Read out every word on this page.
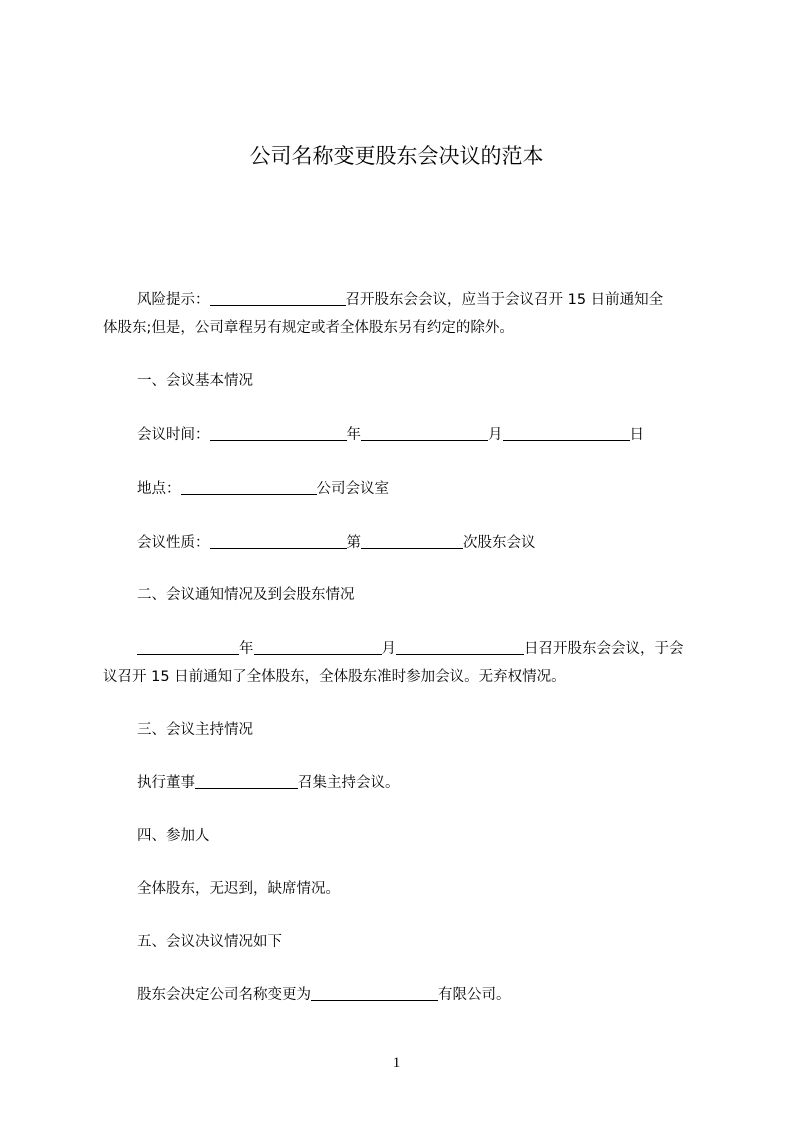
公司名称变更股东会决议的范本

风险提示：	召开股东会会议，应当于会议召开 15 日前通知全

体股东;但是，公司章程另有规定或者全体股东另有约定的除外。

一、会议基本情况

会议时间：	年	月	日

地点：	公司会议室

会议性质：	第	次股东会议

二、会议通知情况及到会股东情况

年	月	日召开股东会会议，于会

议召开 15 日前通知了全体股东，全体股东准时参加会议。无弃权情况。

三、会议主持情况

执行董事	召集主持会议。

四、参加人

全体股东，无迟到，缺席情况。

五、会议决议情况如下

股东会决定公司名称变更为	有限公司。

1
